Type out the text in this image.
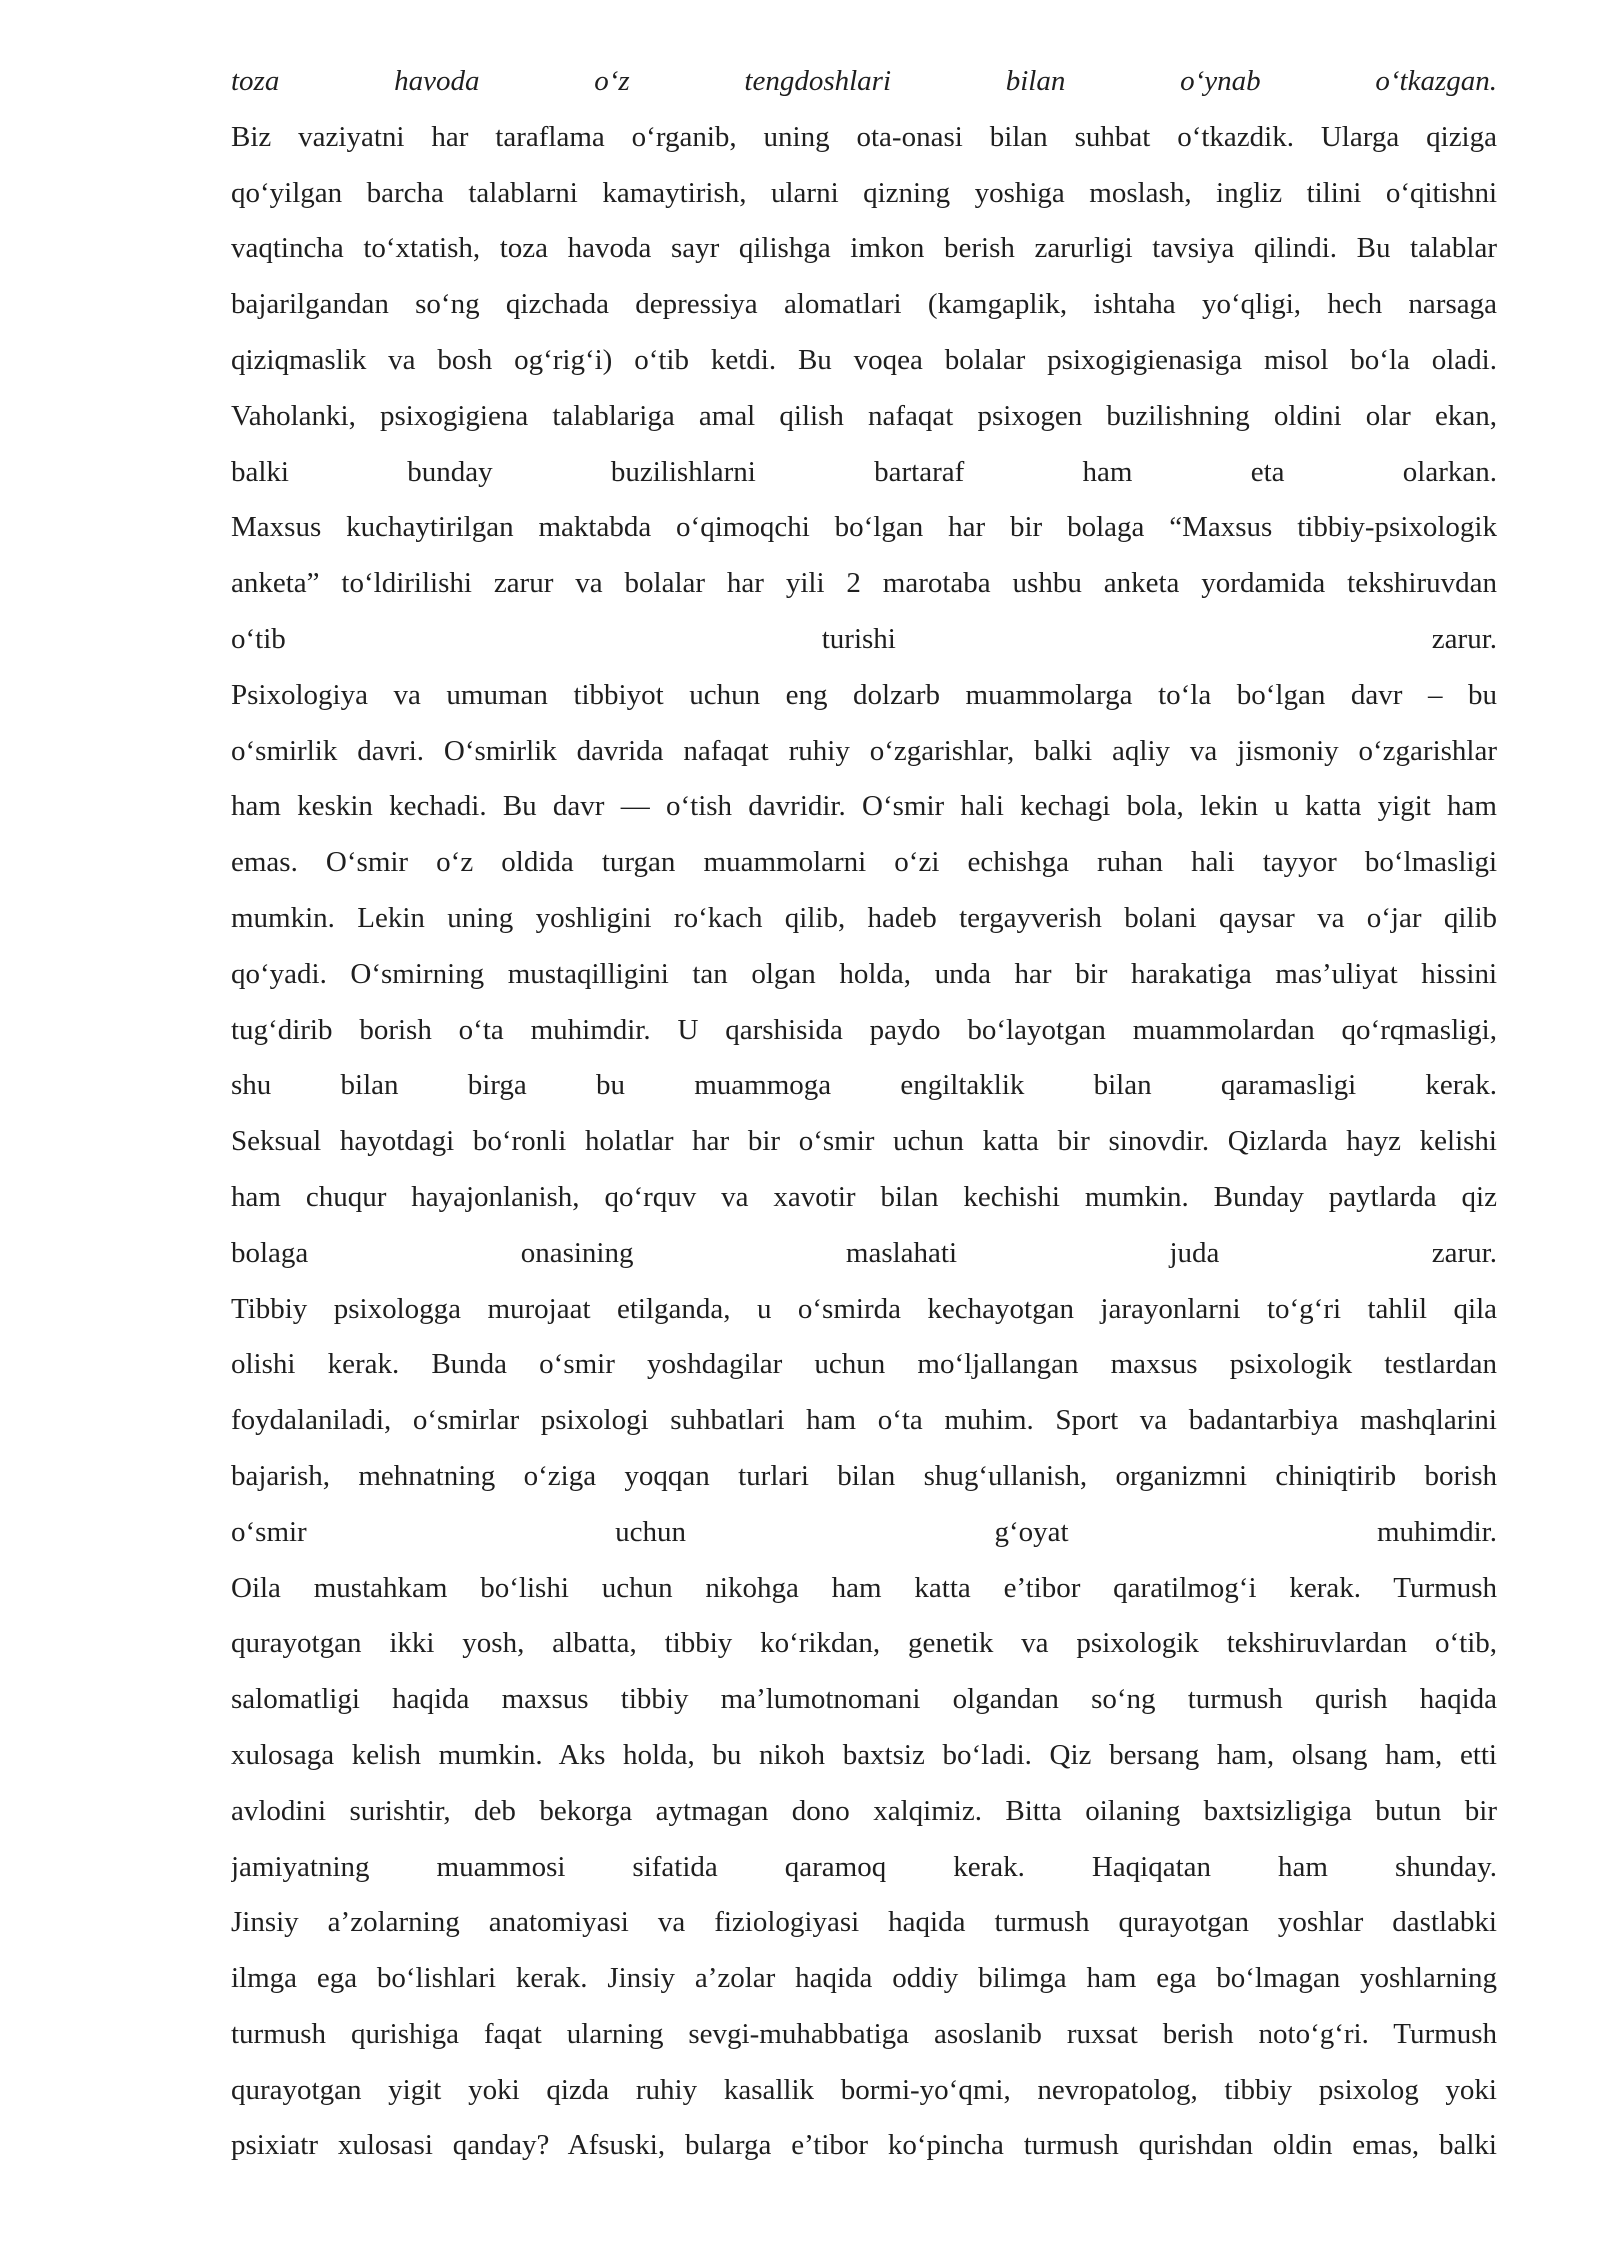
toza havoda o‘z tengdoshlari bilan o‘ynab o‘tkazgan.
Biz vaziyatni har taraflama o‘rganib, uning ota-onasi bilan suhbat o‘tkazdik. Ularga qiziga
qo‘yilgan barcha talablarni kamaytirish, ularni qizning yoshiga moslash, ingliz tilini o‘qitishni
vaqtincha to‘xtatish, toza havoda sayr qilishga imkon berish zarurligi tavsiya qilindi. Bu talablar
bajarilgandan so‘ng qizchada depressiya alomatlari (kamgaplik, ishtaha yo‘qligi, hech narsaga
qiziqmaslik va bosh og‘rig‘i) o‘tib ketdi. Bu voqea bolalar psixogigienasiga misol bo‘la oladi.
Vaholanki, psixogigiena talablariga amal qilish nafaqat psixogen buzilishning oldini olar ekan,
balki bunday buzilishlarni bartaraf ham eta olarkan.
Maxsus kuchaytirilgan maktabda o‘qimoqchi bo‘lgan har bir bolaga “Maxsus tibbiy-psixologik
anketa” to‘ldirilishi zarur va bolalar har yili 2 marotaba ushbu anketa yordamida tekshiruvdan
o‘tib turishi zarur.
Psixologiya va umuman tibbiyot uchun eng dolzarb muammolarga to‘la bo‘lgan davr – bu
o‘smirlik davri. O‘smirlik davrida nafaqat ruhiy o‘zgarishlar, balki aqliy va jismoniy o‘zgarishlar
ham keskin kechadi. Bu davr — o‘tish davridir. O‘smir hali kechagi bola, lekin u katta yigit ham
emas. O‘smir o‘z oldida turgan muammolarni o‘zi echishga ruhan hali tayyor bo‘lmasligi
mumkin. Lekin uning yoshligini ro‘kach qilib, hadeb tergayverish bolani qaysar va o‘jar qilib
qo‘yadi. O‘smirning mustaqilligini tan olgan holda, unda har bir harakatiga mas’uliyat hissini
tug‘dirib borish o‘ta muhimdir. U qarshisida paydo bo‘layotgan muammolardan qo‘rqmasligi,
shu bilan birga bu muammoga engiltaklik bilan qaramasligi kerak.
Seksual hayotdagi bo‘ronli holatlar har bir o‘smir uchun katta bir sinovdir. Qizlarda hayz kelishi
ham chuqur hayajonlanish, qo‘rquv va xavotir bilan kechishi mumkin. Bunday paytlarda qiz
bolaga onasining maslahati juda zarur.
Tibbiy psixologga murojaat etilganda, u o‘smirda kechayotgan jarayonlarni to‘g‘ri tahlil qila
olishi kerak. Bunda o‘smir yoshdagilar uchun mo‘ljallangan maxsus psixologik testlardan
foydalaniladi, o‘smirlar psixologi suhbatlari ham o‘ta muhim. Sport va badantarbiya mashqlarini
bajarish, mehnatning o‘ziga yoqqan turlari bilan shug‘ullanish, organizmni chiniqtirib borish
o‘smir uchun g‘oyat muhimdir.
Oila mustahkam bo‘lishi uchun nikohga ham katta e’tibor qaratilmog‘i kerak. Turmush
qurayotgan ikki yosh, albatta, tibbiy ko‘rikdan, genetik va psixologik tekshiruvlardan o‘tib,
salomatligi haqida maxsus tibbiy ma’lumotnomani olgandan so‘ng turmush qurish haqida
xulosaga kelish mumkin. Aks holda, bu nikoh baxtsiz bo‘ladi. Qiz bersang ham, olsang ham, etti
avlodini surishtir, deb bekorga aytmagan dono xalqimiz. Bitta oilaning baxtsizligiga butun bir
jamiyatning muammosi sifatida qaramoq kerak. Haqiqatan ham shunday.
Jinsiy a’zolarning anatomiyasi va fiziologiyasi haqida turmush qurayotgan yoshlar dastlabki
ilmga ega bo‘lishlari kerak. Jinsiy a’zolar haqida oddiy bilimga ham ega bo‘lmagan yoshlarning
turmush qurishiga faqat ularning sevgi-muhabbatiga asoslanib ruxsat berish noto‘g‘ri. Turmush
qurayotgan yigit yoki qizda ruhiy kasallik bormi-yo‘qmi, nevropatolog, tibbiy psixolog yoki
psixiatr xulosasi qanday? Afsuski, bularga e’tibor ko‘pincha turmush qurishdan oldin emas, balki
